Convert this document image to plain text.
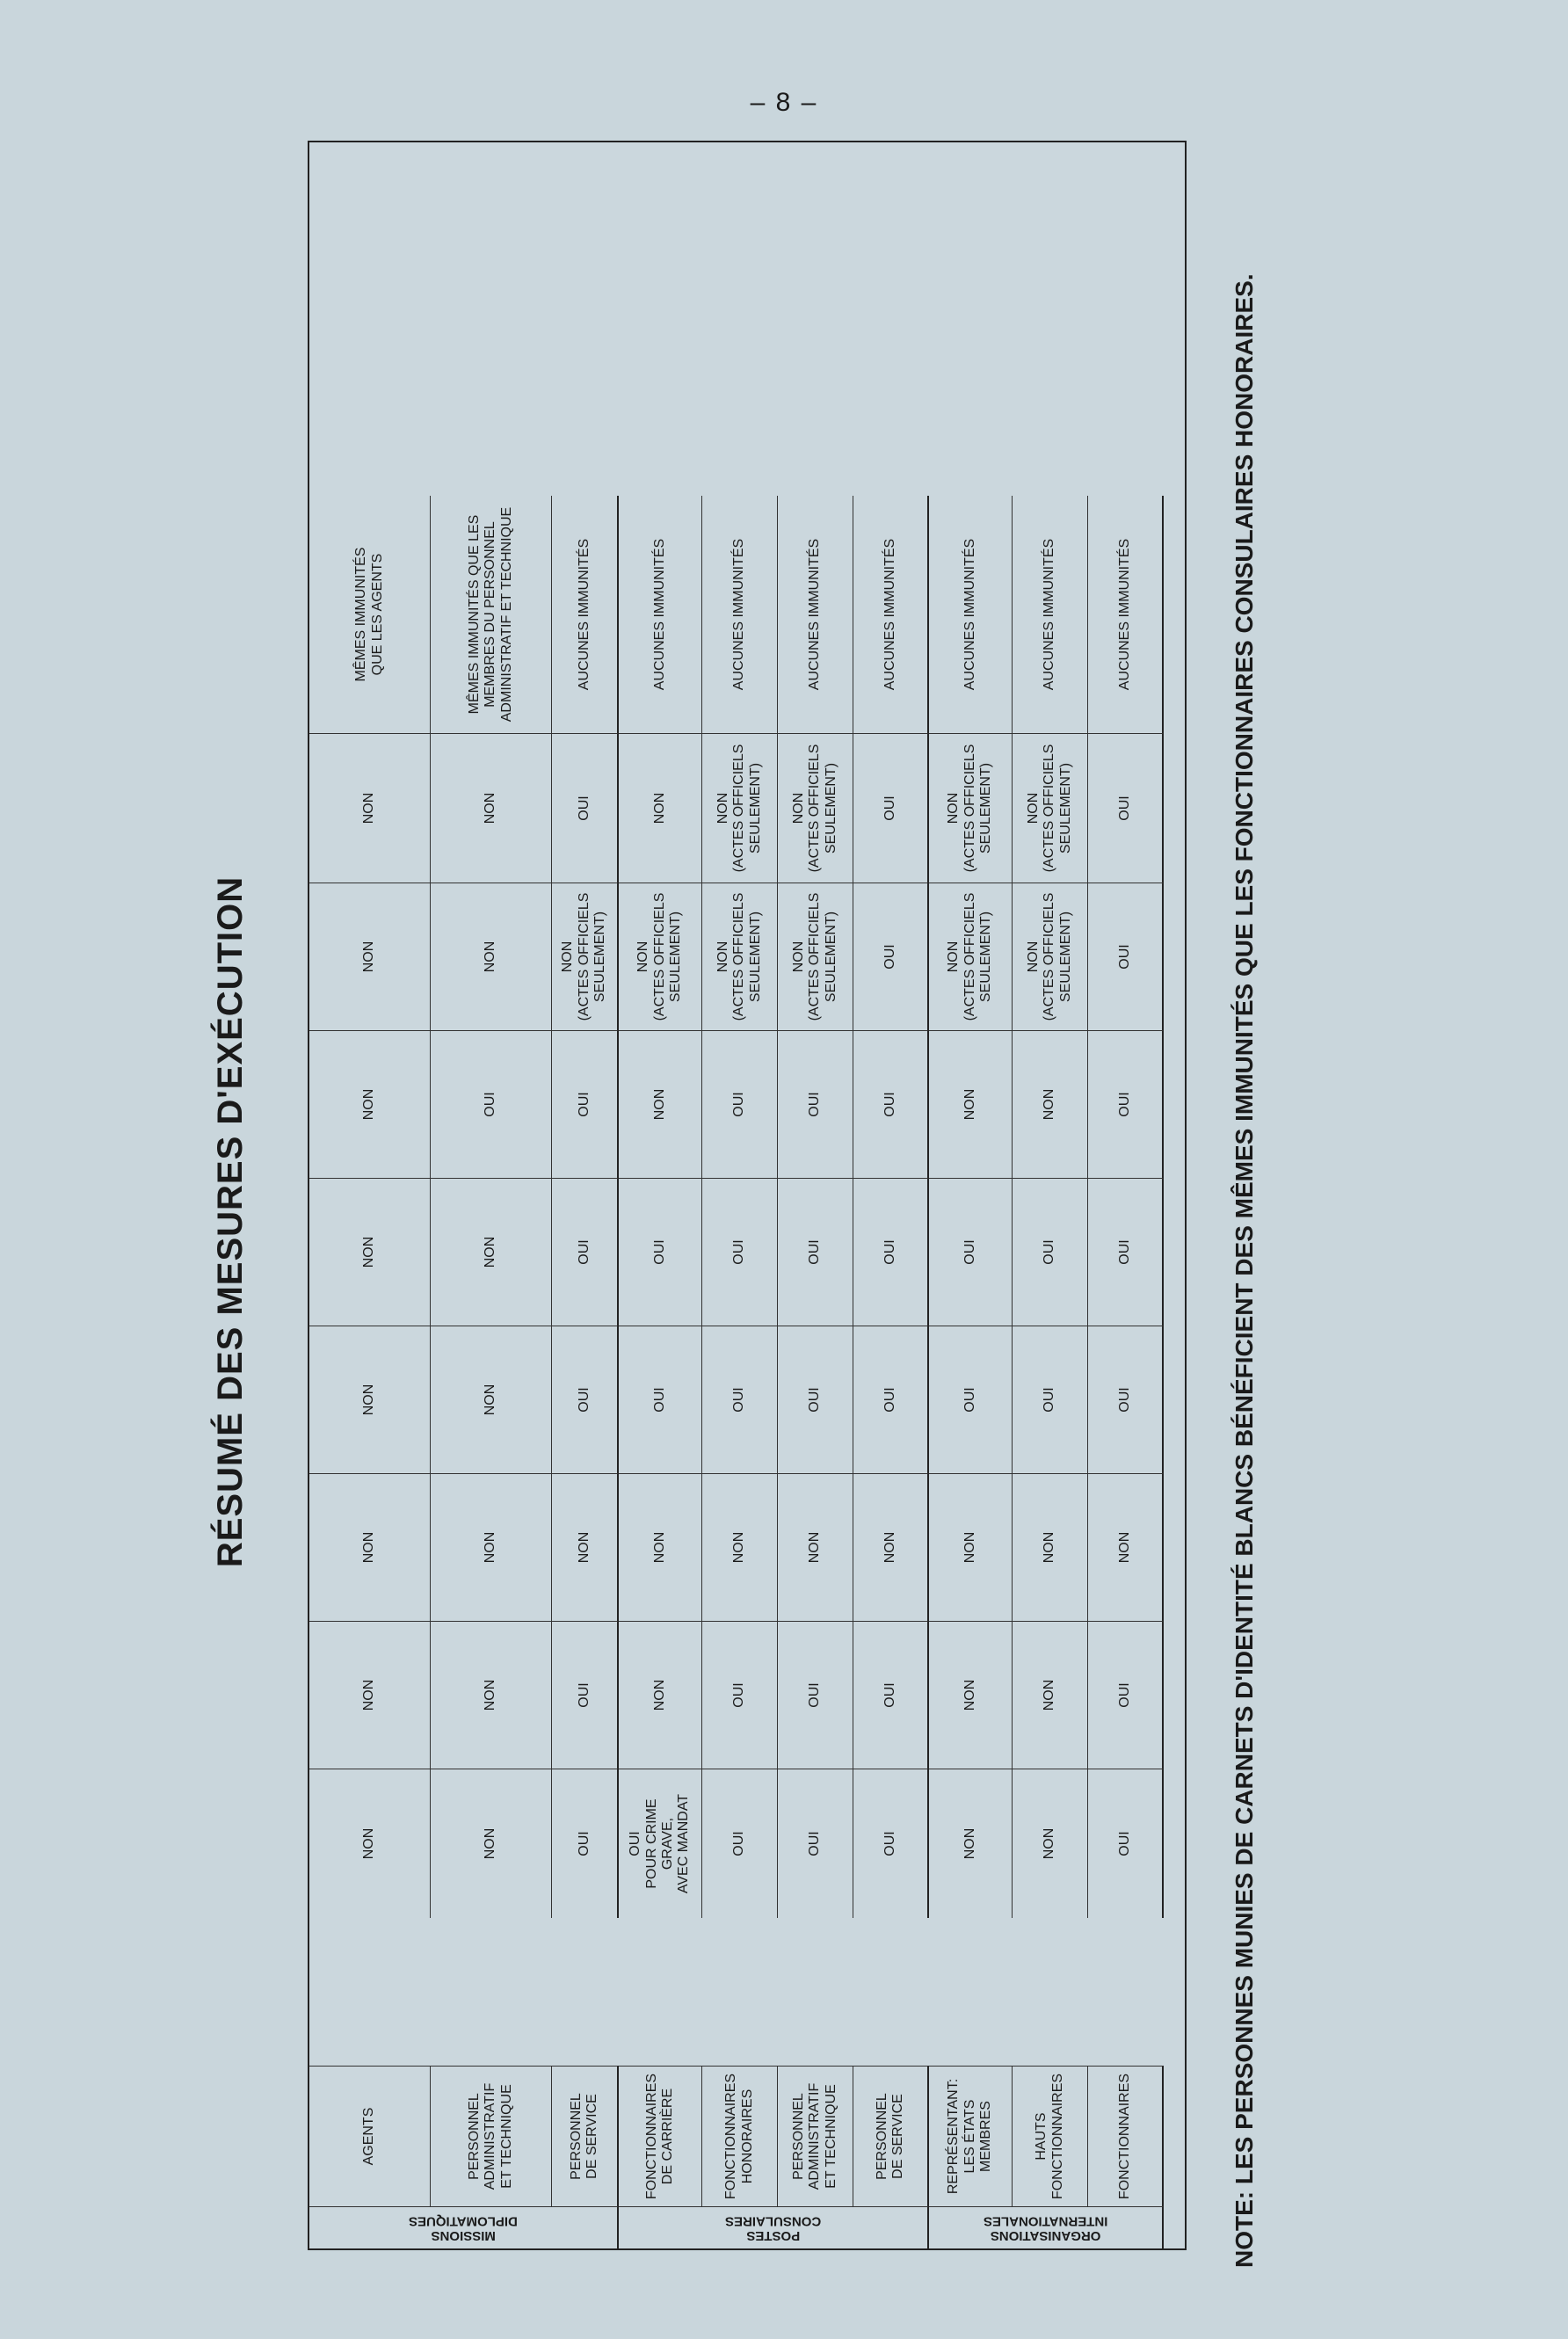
– 8 –
RÉSUMÉ DES MESURES D'EXÉCUTION
MISSIONS
DIPLOMATIQUES
POSTES
CONSULAIRES
ORGANISATIONS
INTERNATIONALES
AGENTS
NON
NON
NON
NON
NON
NON
NON
NON
MÊMES IMMUNITÉS
QUE LES AGENTS
PERSONNEL
ADMINISTRATIF
ET TECHNIQUE
NON
NON
NON
NON
NON
OUI
NON
NON
MÊMES IMMUNITÉS QUE LES
MEMBRES DU PERSONNEL
ADMINISTRATIF ET TECHNIQUE
PERSONNEL
DE SERVICE
OUI
OUI
NON
OUI
OUI
OUI
NON
(ACTES OFFICIELS
SEULEMENT)
OUI
AUCUNES IMMUNITÉS
FONCTIONNAIRES
DE CARRIÈRE
OUI
POUR CRIME GRAVE,
AVEC MANDAT
NON
NON
OUI
OUI
NON
NON
(ACTES OFFICIELS
SEULEMENT)
NON
AUCUNES IMMUNITÉS
FONCTIONNAIRES
HONORAIRES
OUI
OUI
NON
OUI
OUI
OUI
NON
(ACTES OFFICIELS
SEULEMENT)
NON
(ACTES OFFICIELS
SEULEMENT)
AUCUNES IMMUNITÉS
PERSONNEL
ADMINISTRATIF
ET TECHNIQUE
OUI
OUI
NON
OUI
OUI
OUI
NON
(ACTES OFFICIELS
SEULEMENT)
NON
(ACTES OFFICIELS
SEULEMENT)
AUCUNES IMMUNITÉS
PERSONNEL
DE SERVICE
OUI
OUI
NON
OUI
OUI
OUI
OUI
OUI
AUCUNES IMMUNITÉS
REPRÉSENTANT:
LES ÉTATS
MEMBRES
NON
NON
NON
OUI
OUI
NON
NON
(ACTES OFFICIELS
SEULEMENT)
NON
(ACTES OFFICIELS
SEULEMENT)
AUCUNES IMMUNITÉS
HAUTS
FONCTIONNAIRES
NON
NON
NON
OUI
OUI
NON
NON
(ACTES OFFICIELS
SEULEMENT)
NON
(ACTES OFFICIELS
SEULEMENT)
AUCUNES IMMUNITÉS
FONCTIONNAIRES
OUI
OUI
NON
OUI
OUI
OUI
OUI
OUI
AUCUNES IMMUNITÉS	NOTE: LES PERSONNES MUNIES DE CARNETS D'IDENTITÉ BLANCS BÉNÉFICIENT DES MÊMES IMMUNITÉS QUE LES FONCTIONNAIRES CONSULAIRES HONORAIRES.
